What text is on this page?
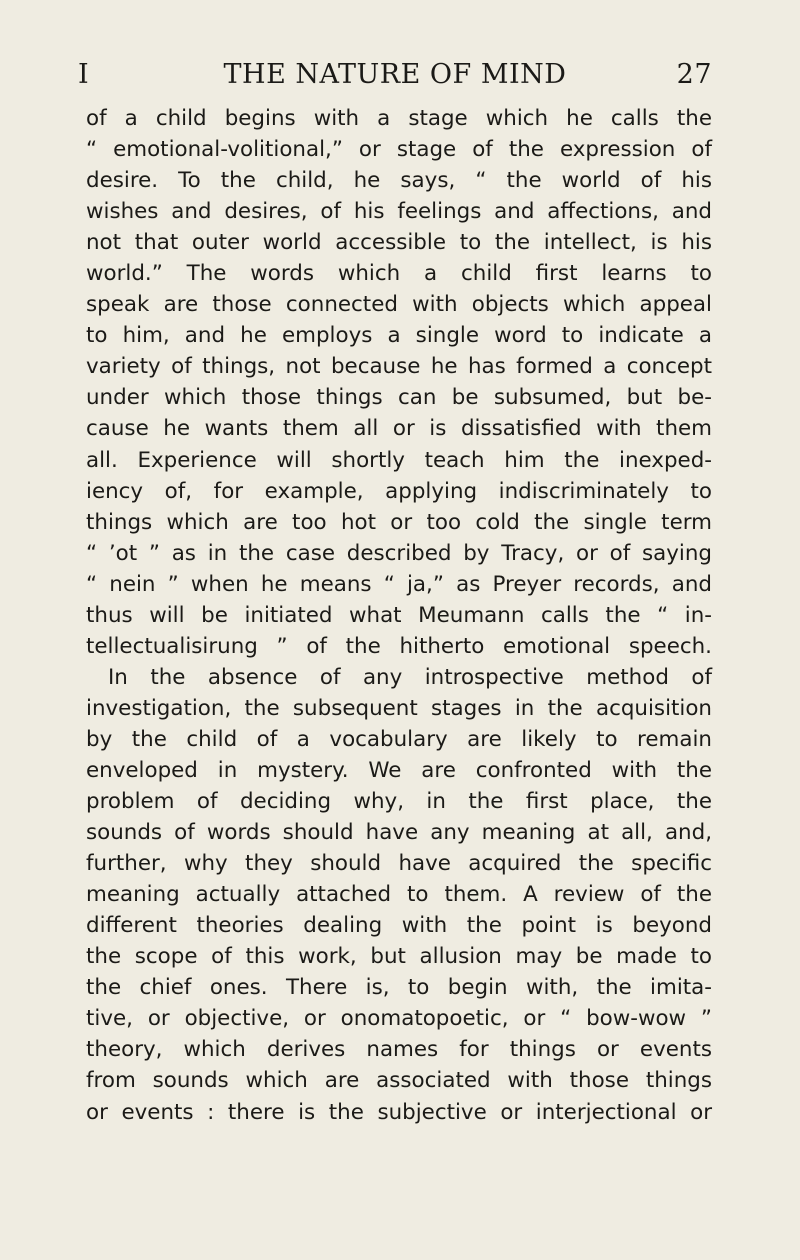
I	THE NATURE OF MIND	27
of a child begins with a stage which he calls the
“ emotional-volitional,” or stage of the expression of
desire. To the child, he says, “ the world of his
wishes and desires, of his feelings and affections, and
not that outer world accessible to the intellect, is his
world.” The words which a child first learns to
speak are those connected with objects which appeal
to him, and he employs a single word to indicate a
variety of things, not because he has formed a concept
under which those things can be subsumed, but be-
cause he wants them all or is dissatisfied with them
all. Experience will shortly teach him the inexped-
iency of, for example, applying indiscriminately to
things which are too hot or too cold the single term
“ ’ot ” as in the case described by Tracy, or of saying
“ nein ” when he means “ ja,” as Preyer records, and
thus will be initiated what Meumann calls the “ in-
tellectualisirung ” of the hitherto emotional speech.
In the absence of any introspective method of
investigation, the subsequent stages in the acquisition
by the child of a vocabulary are likely to remain
enveloped in mystery. We are confronted with the
problem of deciding why, in the first place, the
sounds of words should have any meaning at all, and,
further, why they should have acquired the specific
meaning actually attached to them. A review of the
different theories dealing with the point is beyond
the scope of this work, but allusion may be made to
the chief ones. There is, to begin with, the imita-
tive, or objective, or onomatopoetic, or “ bow-wow ”
theory, which derives names for things or events
from sounds which are associated with those things
or events : there is the subjective or interjectional or
